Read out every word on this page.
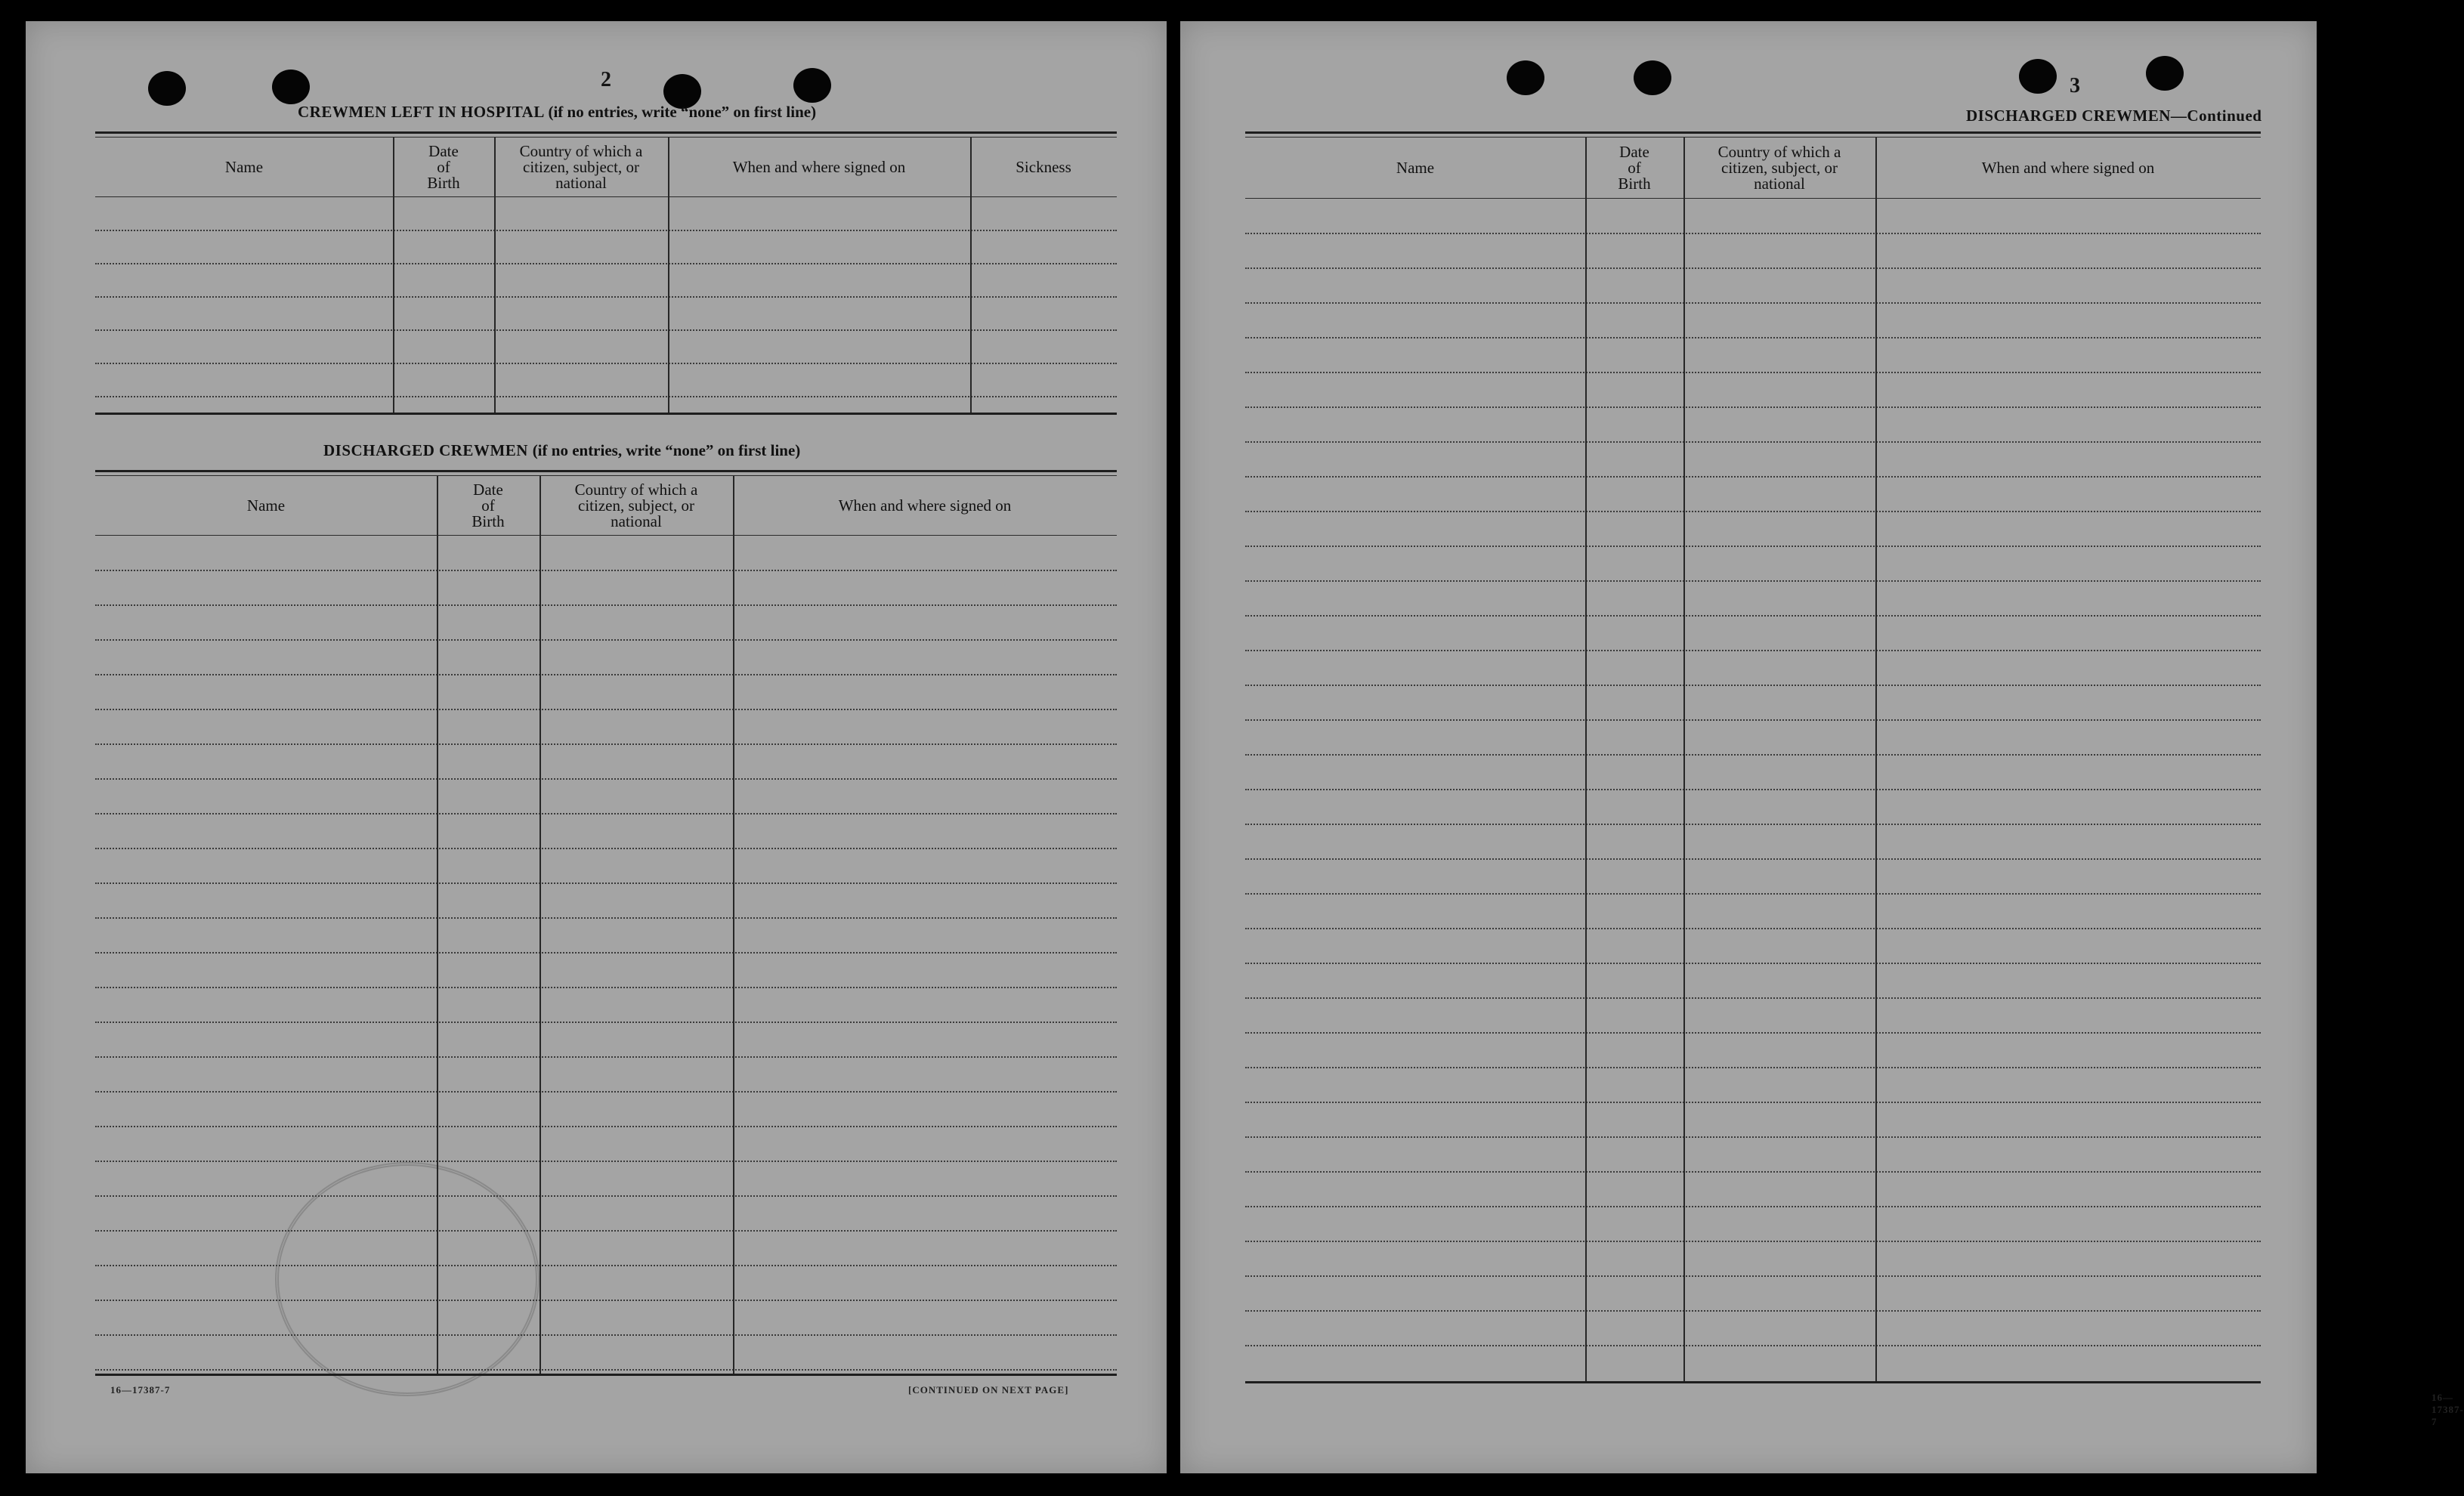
2
CREWMEN LEFT IN HOSPITAL (if no entries, write “none” on first line)
DISCHARGED CREWMEN (if no entries, write “none” on first line)
16—17387-7	[CONTINUED ON NEXT PAGE]
Name
Date
of
Birth
Country of which a
citizen, subject, or
national
When and where signed on	Sickness
Name
Date
of
Birth
Country of which a
citizen, subject, or
national
When and where signed on
3
DISCHARGED CREWMEN—Continued
16—17387-7
Name
Date
of
Birth
Country of which a
citizen, subject, or
national
When and where signed on
